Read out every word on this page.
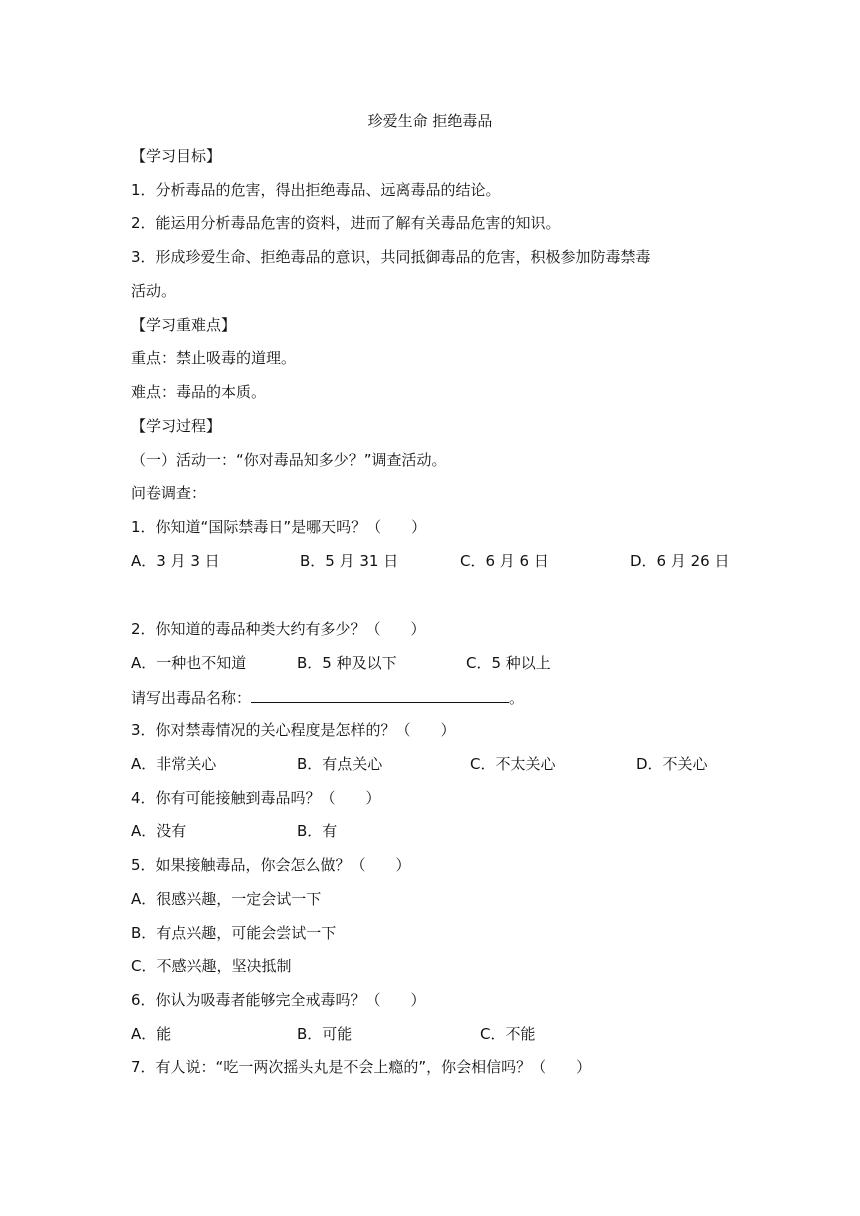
珍爱生命 拒绝毒品

【学习目标】

1．分析毒品的危害，得出拒绝毒品、远离毒品的结论。

2．能运用分析毒品危害的资料，进而了解有关毒品危害的知识。

3．形成珍爱生命、拒绝毒品的意识，共同抵御毒品的危害，积极参加防毒禁毒

活动。

【学习重难点】

重点：禁止吸毒的道理。

难点：毒品的本质。

【学习过程】

（一）活动一：“你对毒品知多少？”调查活动。

问卷调查：

1．你知道“国际禁毒日”是哪天吗？（　　）

A．3 月 3 日	B．5 月 31 日	C．6 月 6 日	D．6 月 26 日

2．你知道的毒品种类大约有多少？（　　）

A．一种也不知道	B．5 种及以下	C．5 种以上

请写出毒品名称：	。

3．你对禁毒情况的关心程度是怎样的？（　　）

A．非常关心	B．有点关心	C．不太关心	D．不关心

4．你有可能接触到毒品吗？（　　）

A．没有	B．有

5．如果接触毒品，你会怎么做？（　　）

A．很感兴趣，一定会试一下
B．有点兴趣，可能会尝试一下
C．不感兴趣，坚决抵制

6．你认为吸毒者能够完全戒毒吗？（　　）

A．能	B．可能	C．不能

7．有人说：“吃一两次摇头丸是不会上瘾的”，你会相信吗？（　　）
